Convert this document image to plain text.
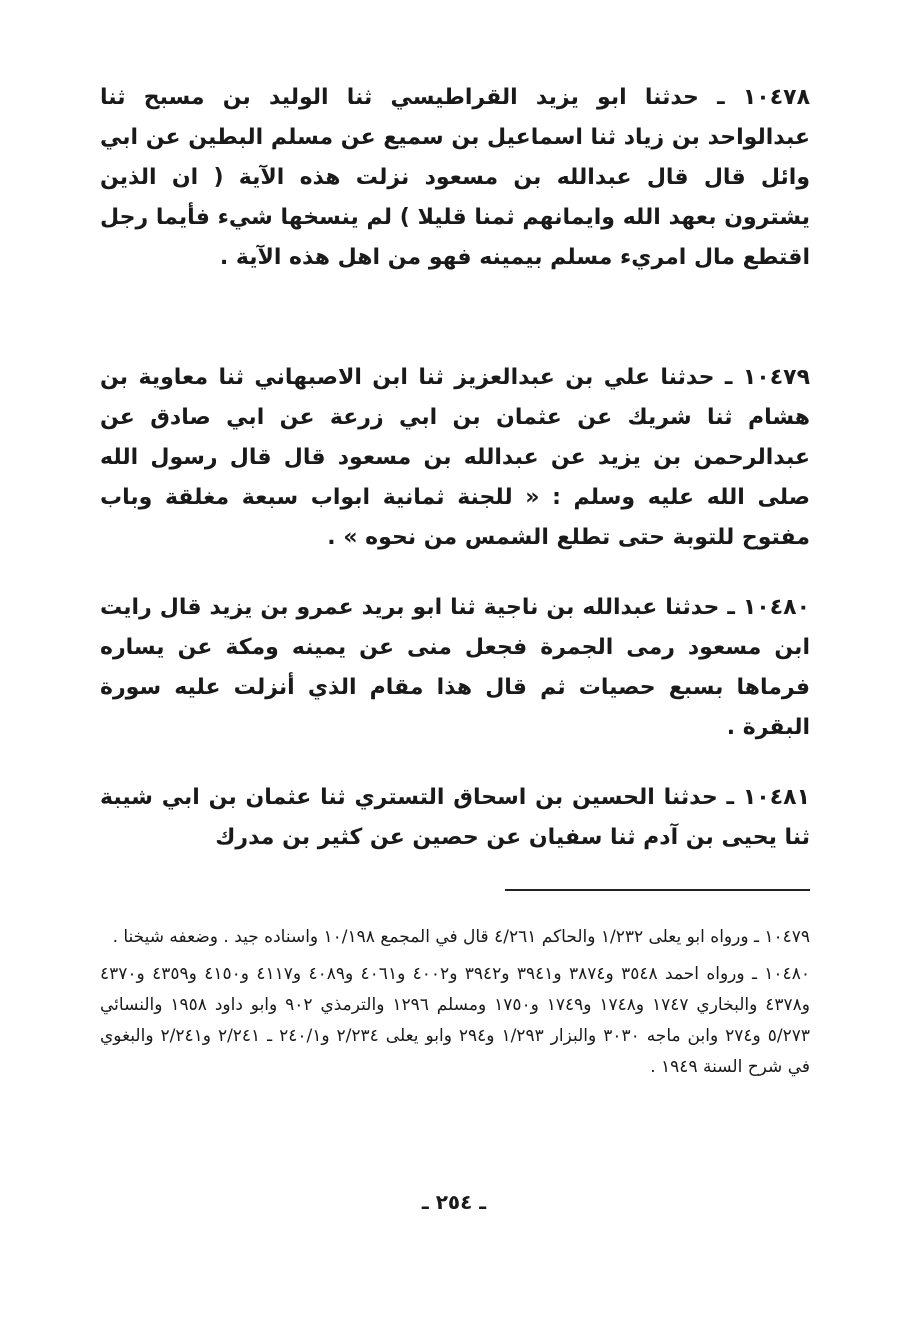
١٠٤٧٨ ـ حدثنا ابو يزيد القراطيسي ثنا الوليد بن مسبح ثنا عبدالواحد بن زياد ثنا اسماعيل بن سميع عن مسلم البطين عن ابي وائل قال قال عبدالله بن مسعود نزلت هذه الآية ( ان الذين يشترون بعهد الله وايمانهم ثمنا قليلا ) لم ينسخها شيء فأيما رجل اقتطع مال امريء مسلم بيمينه فهو من اهل هذه الآية .

١٠٤٧٩ ـ حدثنا علي بن عبدالعزيز ثنا ابن الاصبهاني ثنا معاوية بن هشام ثنا شريك عن عثمان بن ابي زرعة عن ابي صادق عن عبدالرحمن بن يزيد عن عبدالله بن مسعود قال قال رسول الله صلى الله عليه وسلم : « للجنة ثمانية ابواب سبعة مغلقة وباب مفتوح للتوبة حتى تطلع الشمس من نحوه » .

١٠٤٨٠ ـ حدثنا عبدالله بن ناجية ثنا ابو بريد عمرو بن يزيد قال رايت ابن مسعود رمى الجمرة فجعل منى عن يمينه ومكة عن يساره فرماها بسبع حصيات ثم قال هذا مقام الذي أنزلت عليه سورة البقرة .

١٠٤٨١ ـ حدثنا الحسين بن اسحاق التستري ثنا عثمان بن ابي شيبة ثنا يحيى بن آدم ثنا سفيان عن حصين عن كثير بن مدرك

١٠٤٧٩ ـ ورواه ابو يعلى ١/٢٣٢ والحاكم ٤/٢٦١ قال في المجمع ١٠/١٩٨ واسناده جيد . وضعفه شيخنا .

١٠٤٨٠ ـ ورواه احمد ٣٥٤٨ و٣٨٧٤ و٣٩٤١ و٣٩٤٢ و٤٠٠٢ و٤٠٦١ و٤٠٨٩ و٤١١٧ و٤١٥٠ و٤٣٥٩ و٤٣٧٠ و٤٣٧٨ والبخاري ١٧٤٧ و١٧٤٨ و١٧٤٩ و١٧٥٠ ومسلم ١٢٩٦ والترمذي ٩٠٢ وابو داود ١٩٥٨ والنسائي ٥/٢٧٣ و٢٧٤ وابن ماجه ٣٠٣٠ والبزار ١/٢٩٣ و٢٩٤ وابو يعلى ٢/٢٣٤ و٢٤٠/١ ـ ٢/٢٤١ و٢/٢٤١ والبغوي في شرح السنة ١٩٤٩ .

ـ ٢٥٤ ـ
